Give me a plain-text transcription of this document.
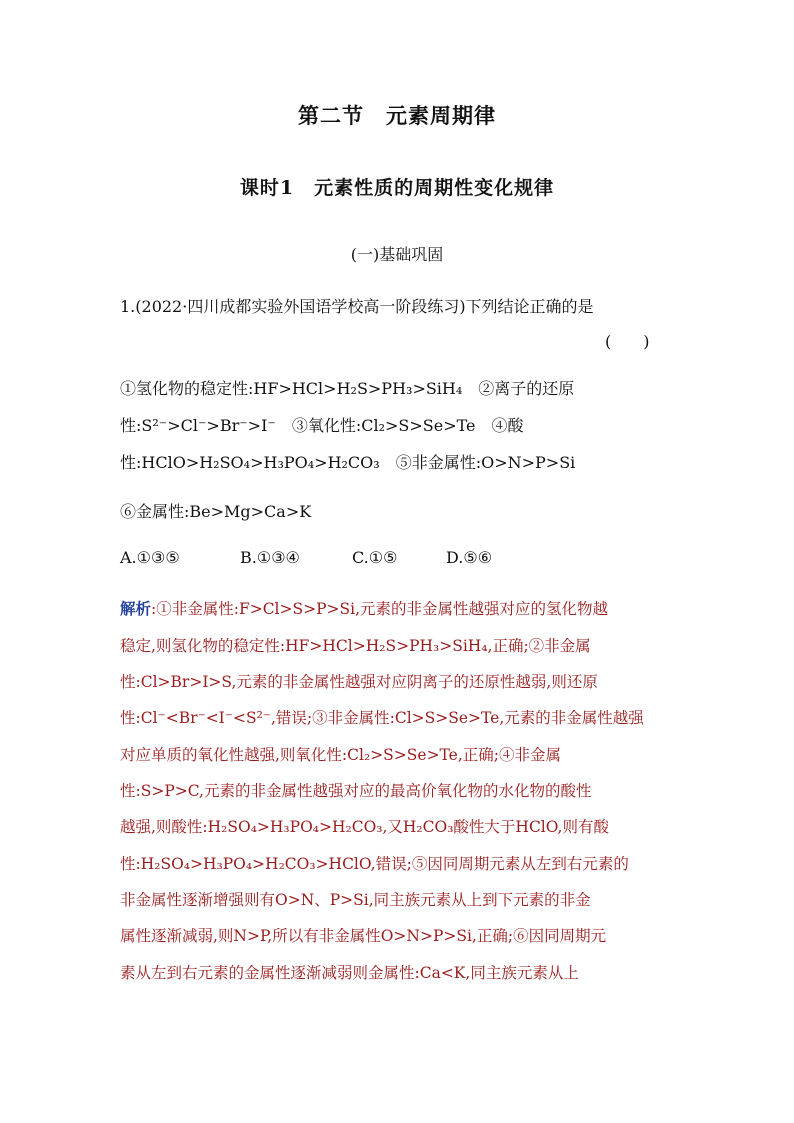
第二节　元素周期律
课时1　元素性质的周期性变化规律
(一)基础巩固
1.(2022·四川成都实验外国语学校高一阶段练习)下列结论正确的是
(　　)
①氢化物的稳定性:HF>HCl>H₂S>PH₃>SiH₄　②离子的还原
性:S²⁻>Cl⁻>Br⁻>I⁻　③氧化性:Cl₂>S>Se>Te　④酸
性:HClO>H₂SO₄>H₃PO₄>H₂CO₃　⑤非金属性:O>N>P>Si
⑥金属性:Be>Mg>Ca>K
A.①③⑤	B.①③④	C.①⑤	D.⑤⑥
解析:①非金属性:F>Cl>S>P>Si,元素的非金属性越强对应的氢化物越
稳定,则氢化物的稳定性:HF>HCl>H₂S>PH₃>SiH₄,正确;②非金属
性:Cl>Br>I>S,元素的非金属性越强对应阴离子的还原性越弱,则还原
性:Cl⁻<Br⁻<I⁻<S²⁻,错误;③非金属性:Cl>S>Se>Te,元素的非金属性越强
对应单质的氧化性越强,则氧化性:Cl₂>S>Se>Te,正确;④非金属
性:S>P>C,元素的非金属性越强对应的最高价氧化物的水化物的酸性
越强,则酸性:H₂SO₄>H₃PO₄>H₂CO₃,又H₂CO₃酸性大于HClO,则有酸
性:H₂SO₄>H₃PO₄>H₂CO₃>HClO,错误;⑤因同周期元素从左到右元素的
非金属性逐渐增强则有O>N、P>Si,同主族元素从上到下元素的非金
属性逐渐减弱,则N>P,所以有非金属性O>N>P>Si,正确;⑥因同周期元
素从左到右元素的金属性逐渐减弱则金属性:Ca<K,同主族元素从上
